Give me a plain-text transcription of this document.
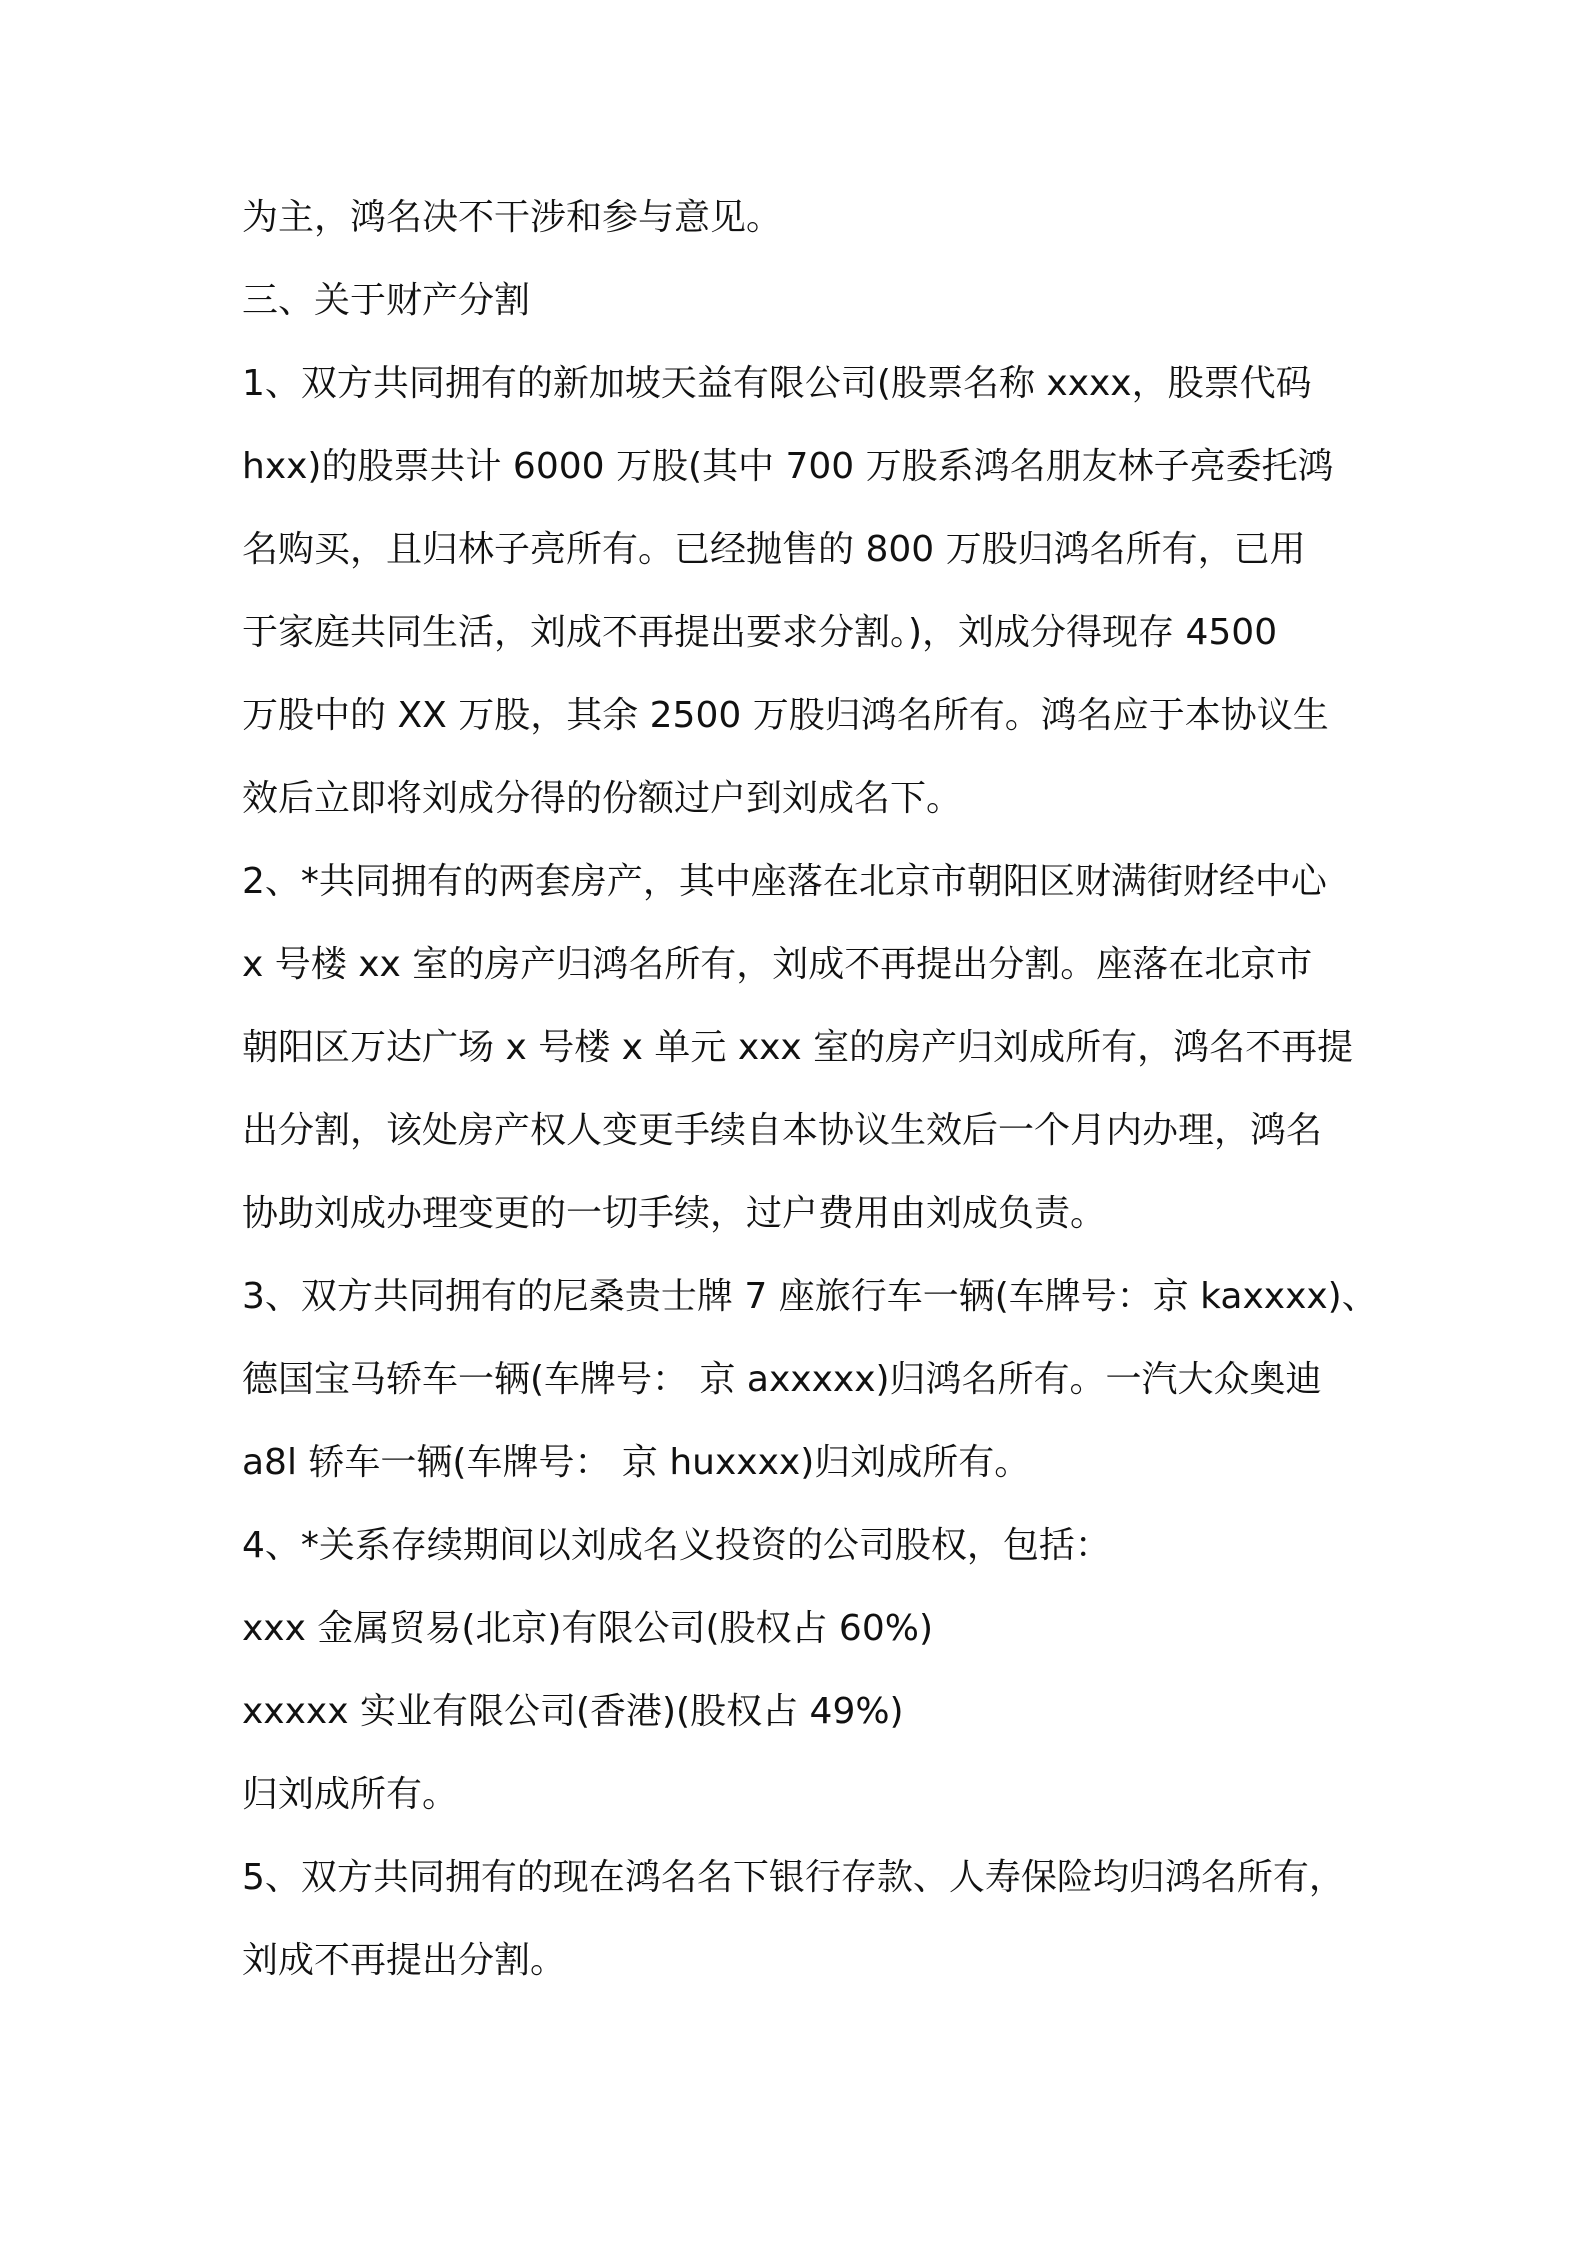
为主，鸿名决不干涉和参与意见。
三、关于财产分割
1、双方共同拥有的新加坡天益有限公司(股票名称 xxxx，股票代码
hxx)的股票共计 6000 万股(其中 700 万股系鸿名朋友林子亮委托鸿
名购买，且归林子亮所有。已经抛售的 800 万股归鸿名所有，已用
于家庭共同生活，刘成不再提出要求分割。)，刘成分得现存 4500
万股中的 XX 万股，其余 2500 万股归鸿名所有。鸿名应于本协议生
效后立即将刘成分得的份额过户到刘成名下。
2、*共同拥有的两套房产，其中座落在北京市朝阳区财满街财经中心
x 号楼 xx 室的房产归鸿名所有，刘成不再提出分割。座落在北京市
朝阳区万达广场 x 号楼 x 单元 xxx 室的房产归刘成所有，鸿名不再提
出分割，该处房产权人变更手续自本协议生效后一个月内办理，鸿名
协助刘成办理变更的一切手续，过户费用由刘成负责。
3、双方共同拥有的尼桑贵士牌 7 座旅行车一辆(车牌号：京 kaxxxx)、
德国宝马轿车一辆(车牌号： 京 axxxxx)归鸿名所有。一汽大众奥迪
a8l 轿车一辆(车牌号： 京 huxxxx)归刘成所有。
4、*关系存续期间以刘成名义投资的公司股权，包括：
xxx 金属贸易(北京)有限公司(股权占 60%)
xxxxx 实业有限公司(香港)(股权占 49%)
归刘成所有。
5、双方共同拥有的现在鸿名名下银行存款、人寿保险均归鸿名所有，
刘成不再提出分割。
